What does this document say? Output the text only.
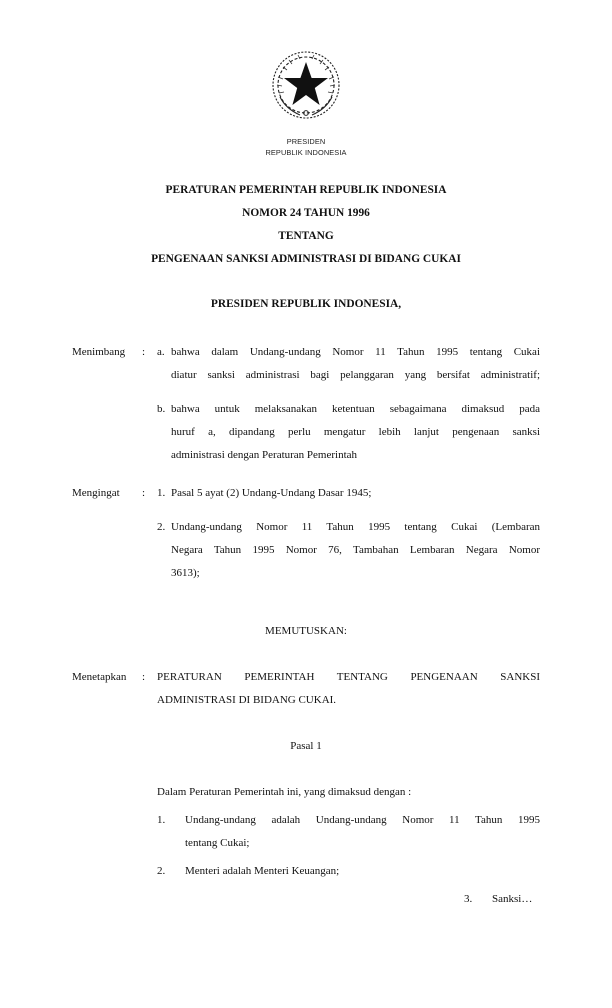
PRESIDEN
REPUBLIK INDONESIA
PERATURAN PEMERINTAH REPUBLIK INDONESIA
NOMOR 24 TAHUN 1996
TENTANG
PENGENAAN SANKSI ADMINISTRASI DI BIDANG CUKAI
PRESIDEN REPUBLIK INDONESIA,
Menimbang : a. bahwa dalam Undang-undang Nomor 11 Tahun 1995 tentang Cukai
diatur sanksi administrasi bagi pelanggaran yang bersifat administratif;
b. bahwa untuk melaksanakan ketentuan sebagaimana dimaksud pada
huruf a, dipandang perlu mengatur lebih lanjut pengenaan sanksi
administrasi dengan Peraturan Pemerintah
Mengingat : 1. Pasal 5 ayat (2) Undang-Undang Dasar 1945;
2. Undang-undang Nomor 11 Tahun 1995 tentang Cukai (Lembaran
Negara Tahun 1995 Nomor 76, Tambahan Lembaran Negara Nomor
3613);
MEMUTUSKAN:
Menetapkan : PERATURAN PEMERINTAH TENTANG PENGENAAN SANKSI
ADMINISTRASI DI BIDANG CUKAI.
Pasal 1
Dalam Peraturan Pemerintah ini, yang dimaksud dengan :
1. Undang-undang adalah Undang-undang Nomor 11 Tahun 1995
tentang Cukai;
2. Menteri adalah Menteri Keuangan;
3. Sanksi…
